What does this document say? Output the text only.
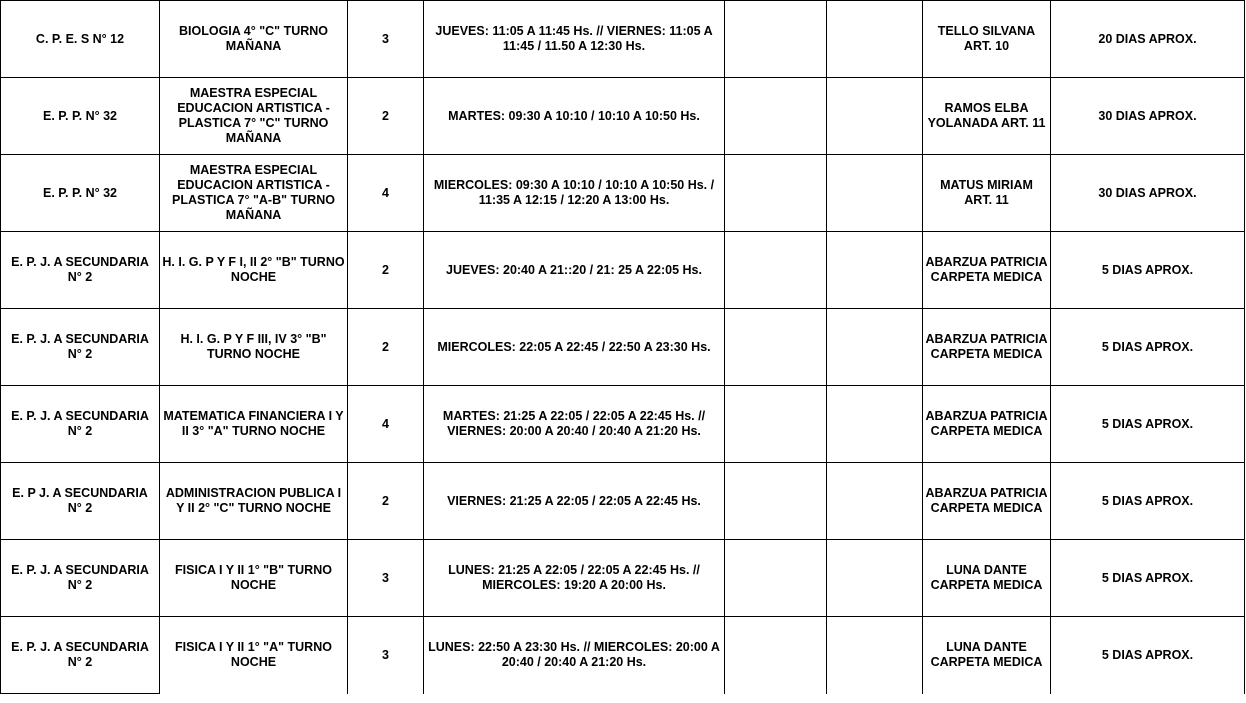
C. P. E. S N° 12	BIOLOGIA 4° "C" TURNO MAÑANA	3	JUEVES: 11:05 A 11:45 Hs. // VIERNES: 11:05 A 11:45 / 11.50 A 12:30 Hs.			TELLO SILVANA ART. 10	20 DIAS APROX.
E. P. P. N° 32	MAESTRA ESPECIAL EDUCACION ARTISTICA - PLASTICA 7° "C" TURNO MAÑANA	2	MARTES: 09:30 A 10:10 / 10:10 A 10:50 Hs.			RAMOS ELBA YOLANADA ART. 11	30 DIAS APROX.
E. P. P. N° 32	MAESTRA ESPECIAL EDUCACION ARTISTICA - PLASTICA 7° "A-B" TURNO MAÑANA	4	MIERCOLES: 09:30 A 10:10 / 10:10 A 10:50 Hs. / 11:35 A 12:15 / 12:20 A 13:00 Hs.			MATUS MIRIAM ART. 11	30 DIAS APROX.
E. P. J. A SECUNDARIA N° 2	H. I. G. P Y F I, II 2° "B" TURNO NOCHE	2	JUEVES: 20:40 A 21::20 / 21: 25 A 22:05 Hs.			ABARZUA PATRICIA CARPETA MEDICA	5 DIAS APROX.
E. P. J. A SECUNDARIA N° 2	H. I. G. P Y F III, IV 3° "B" TURNO NOCHE	2	MIERCOLES: 22:05 A 22:45 / 22:50 A 23:30 Hs.			ABARZUA PATRICIA CARPETA MEDICA	5 DIAS APROX.
E. P. J. A SECUNDARIA N° 2	MATEMATICA FINANCIERA I Y II 3° "A" TURNO NOCHE	4	MARTES: 21:25 A 22:05 / 22:05 A 22:45 Hs. // VIERNES: 20:00 A 20:40 / 20:40 A 21:20 Hs.			ABARZUA PATRICIA CARPETA MEDICA	5 DIAS APROX.
E. P J. A SECUNDARIA N° 2	ADMINISTRACION PUBLICA I Y II 2° "C" TURNO NOCHE	2	VIERNES: 21:25 A 22:05 / 22:05 A 22:45 Hs.			ABARZUA PATRICIA CARPETA MEDICA	5 DIAS APROX.
E. P. J. A SECUNDARIA N° 2	FISICA I Y II 1° "B" TURNO NOCHE	3	LUNES: 21:25 A 22:05 / 22:05 A 22:45 Hs. // MIERCOLES: 19:20 A 20:00 Hs.			LUNA DANTE CARPETA MEDICA	5 DIAS APROX.
E. P. J. A SECUNDARIA N° 2	FISICA I Y II 1° "A" TURNO NOCHE	3	LUNES: 22:50 A 23:30 Hs. // MIERCOLES: 20:00 A 20:40 / 20:40 A 21:20 Hs.			LUNA DANTE CARPETA MEDICA	5 DIAS APROX.
